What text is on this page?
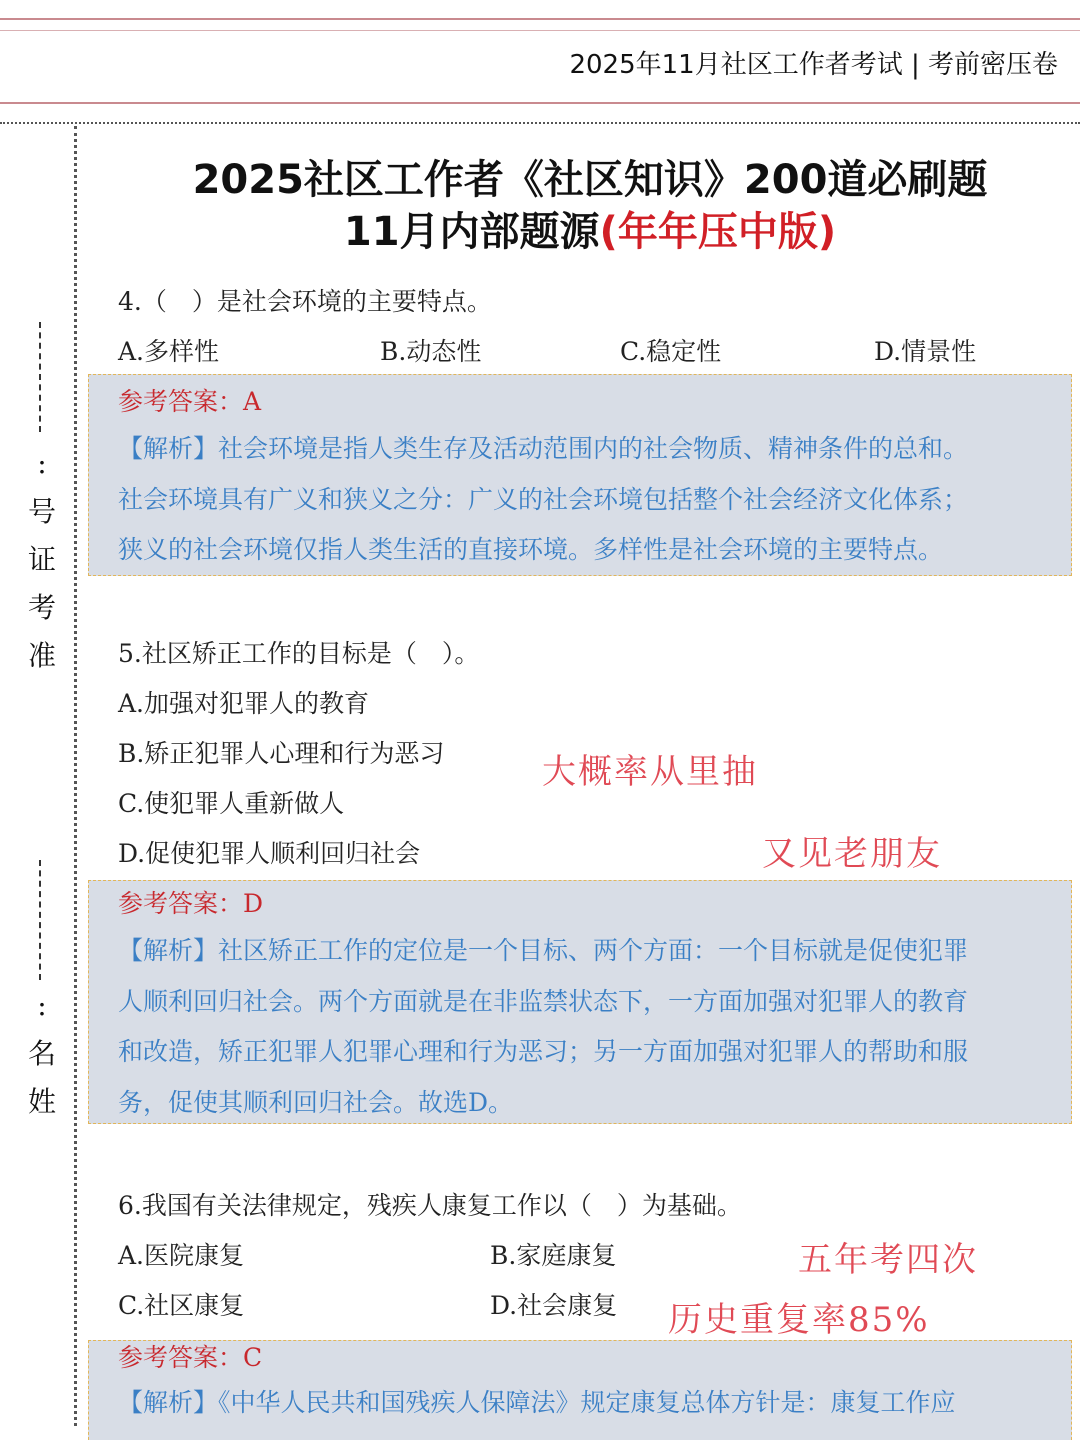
2025年11月社区工作者考试 | 考前密压卷
:
号
证
考
准
:
名
姓
2025社区工作者《社区知识》200道必刷题
11月内部题源(年年压中版)
4.（　）是社会环境的主要特点。
A.多样性	B.动态性	C.稳定性	D.情景性
参考答案：A
【解析】社会环境是指人类生存及活动范围内的社会物质、精神条件的总和。
社会环境具有广义和狭义之分：广义的社会环境包括整个社会经济文化体系；
狭义的社会环境仅指人类生活的直接环境。多样性是社会环境的主要特点。
5.社区矫正工作的目标是（　）。
A.加强对犯罪人的教育
B.矫正犯罪人心理和行为恶习
C.使犯罪人重新做人
D.促使犯罪人顺利回归社会
参考答案：D
【解析】社区矫正工作的定位是一个目标、两个方面：一个目标就是促使犯罪
人顺利回归社会。两个方面就是在非监禁状态下，一方面加强对犯罪人的教育
和改造，矫正犯罪人犯罪心理和行为恶习；另一方面加强对犯罪人的帮助和服
务，促使其顺利回归社会。故选D。
6.我国有关法律规定，残疾人康复工作以（　）为基础。
A.医院康复	B.家庭康复
C.社区康复	D.社会康复
参考答案：C
【解析】《中华人民共和国残疾人保障法》规定康复总体方针是：康复工作应
大概率从里抽
又见老朋友
五年考四次
历史重复率85%
